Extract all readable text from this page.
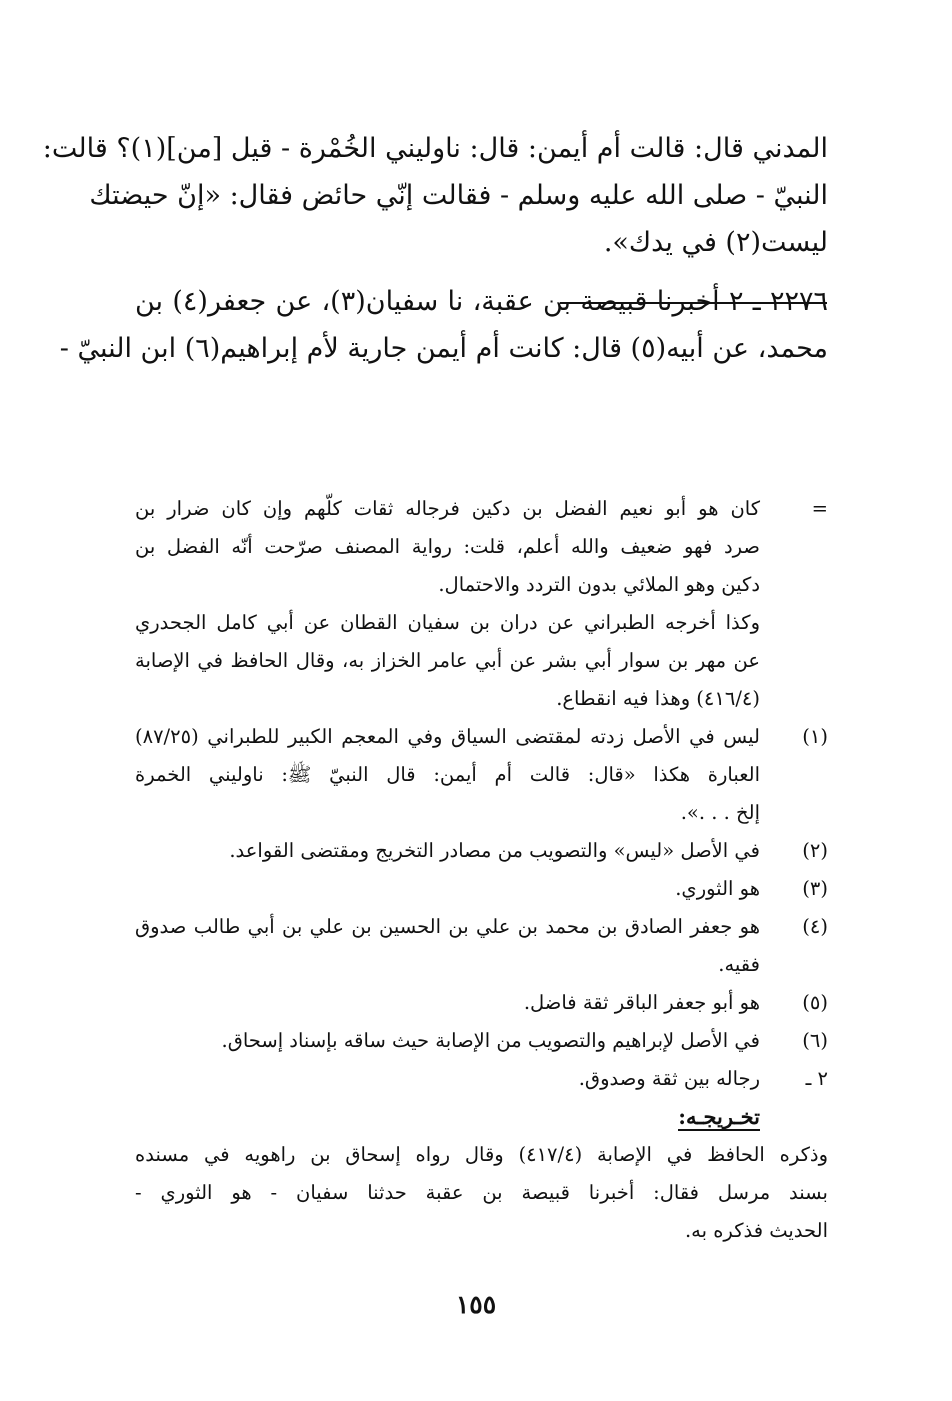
المدني قال: قالت أم أيمن: قال: ناوليني الخُمْرة - قيل [من](١)؟ قالت:
النبيّ - صلى الله عليه وسلم - فقالت إنّي حائض فقال: «إنّ حيضتك
ليست(٢) في يدك».
٢٢٧٦ ـ ٢ أخبرنا قبيصة بن عقبة، نا سفيان(٣)، عن جعفر(٤) بن
محمد، عن أبيه(٥) قال: كانت أم أيمن جارية لأم إبراهيم(٦) ابن النبيّ -
=
كان هو أبو نعيم الفضل بن دكين فرجاله ثقات كلّهم وإن كان ضرار بن
صرد فهو ضعيف والله أعلم، قلت: رواية المصنف صرّحت أنّه الفضل بن
دكين وهو الملائي بدون التردد والاحتمال.
وكذا أخرجه الطبراني عن دران بن سفيان القطان عن أبي كامل الجحدري
عن مهر بن سوار أبي بشر عن أبي عامر الخزاز به، وقال الحافظ في الإصابة
(٤١٦/٤) وهذا فيه انقطاع.
(١)
ليس في الأصل زدته لمقتضى السياق وفي المعجم الكبير للطبراني (٨٧/٢٥)
العبارة هكذا «قال: قالت أم أيمن: قال النبيّ ﷺ: ناوليني الخمرة
إلخ . . .».
(٢)
في الأصل «ليس» والتصويب من مصادر التخريج ومقتضى القواعد.
(٣)
هو الثوري.
(٤)
هو جعفر الصادق بن محمد بن علي بن الحسين بن علي بن أبي طالب صدوق
فقيه.
(٥)
هو أبو جعفر الباقر ثقة فاضل.
(٦)
في الأصل لإبراهيم والتصويب من الإصابة حيث ساقه بإسناد إسحاق.
٢ ـ
رجاله بين ثقة وصدوق.
تخـريجـه:
وذكره الحافظ في الإصابة (٤١٧/٤) وقال رواه إسحاق بن راهويه في مسنده
بسند مرسل فقال: أخبرنا قبيصة بن عقبة حدثنا سفيان - هو الثوري -
الحديث فذكره به.
١٥٥
